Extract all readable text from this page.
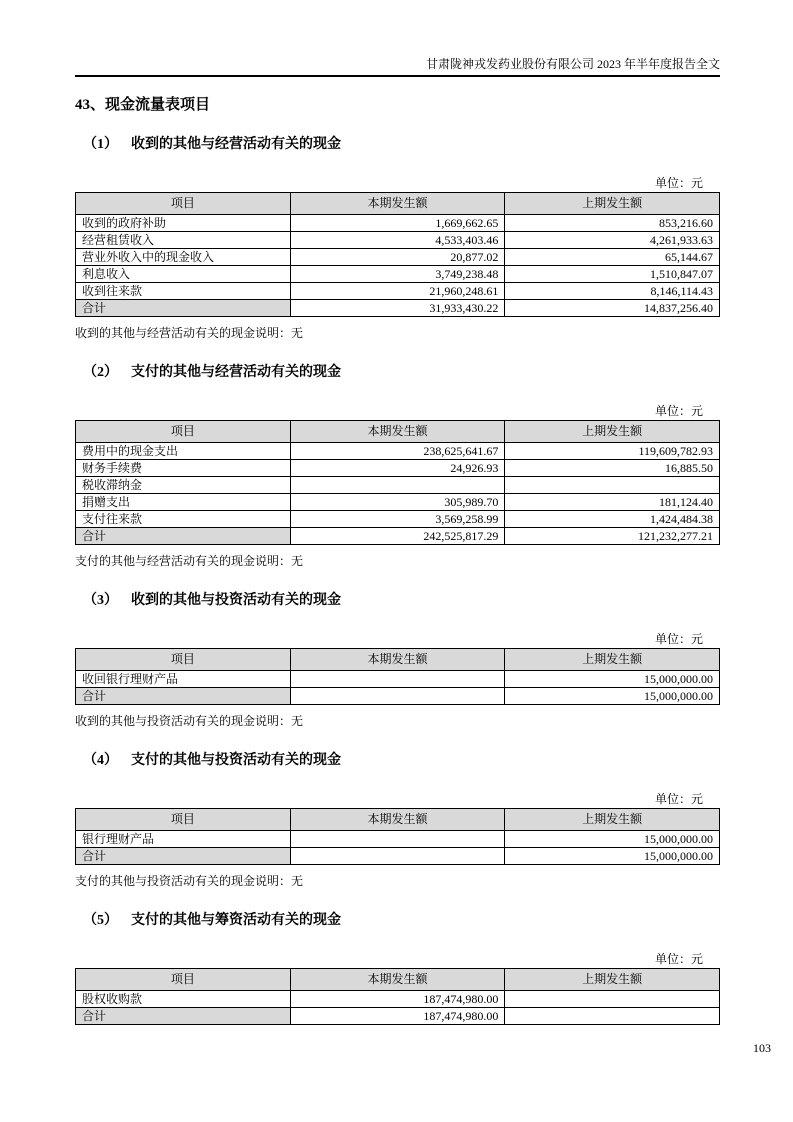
甘肃陇神戎发药业股份有限公司 2023 年半年度报告全文
43、现金流量表项目
（1） 收到的其他与经营活动有关的现金
单位：元
项目	本期发生额	上期发生额
收到的政府补助	1,669,662.65	853,216.60
经营租赁收入	4,533,403.46	4,261,933.63
营业外收入中的现金收入	20,877.02	65,144.67
利息收入	3,749,238.48	1,510,847.07
收到往来款	21,960,248.61	8,146,114.43
合计	31,933,430.22	14,837,256.40
收到的其他与经营活动有关的现金说明：无
（2） 支付的其他与经营活动有关的现金
单位：元
项目	本期发生额	上期发生额
费用中的现金支出	238,625,641.67	119,609,782.93
财务手续费	24,926.93	16,885.50
税收滞纳金		
捐赠支出	305,989.70	181,124.40
支付往来款	3,569,258.99	1,424,484.38
合计	242,525,817.29	121,232,277.21
支付的其他与经营活动有关的现金说明：无
（3） 收到的其他与投资活动有关的现金
单位：元
项目	本期发生额	上期发生额
收回银行理财产品		15,000,000.00
合计		15,000,000.00
收到的其他与投资活动有关的现金说明：无
（4） 支付的其他与投资活动有关的现金
单位：元
项目	本期发生额	上期发生额
银行理财产品		15,000,000.00
合计		15,000,000.00
支付的其他与投资活动有关的现金说明：无
（5） 支付的其他与筹资活动有关的现金
单位：元
项目	本期发生额	上期发生额
股权收购款	187,474,980.00	
合计	187,474,980.00	
103
